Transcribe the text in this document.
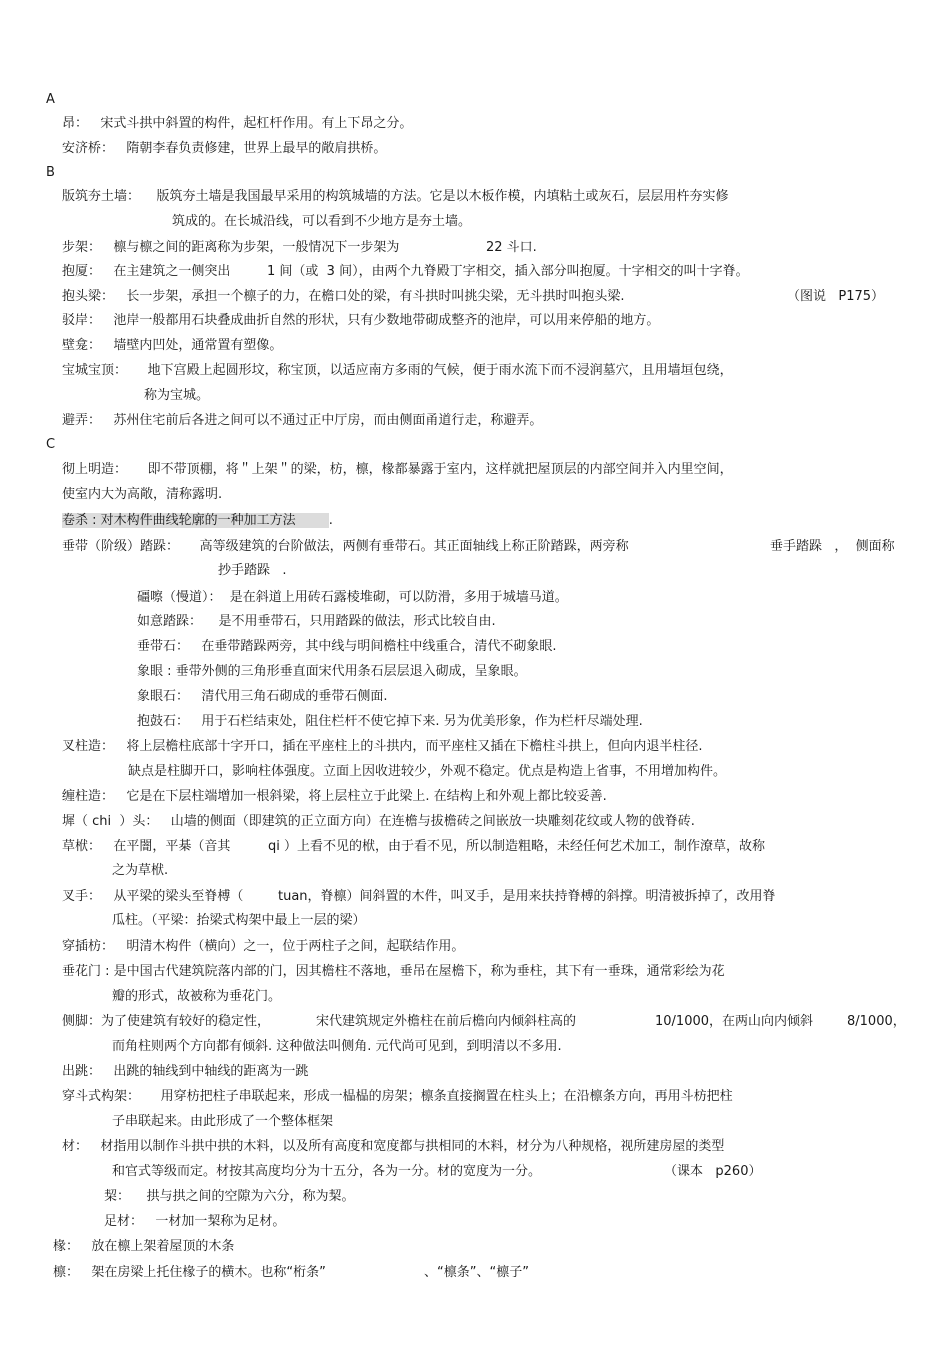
A
昂：   宋式斗拱中斜置的构件，起杠杆作用。有上下昂之分。
安济桥：   隋朝李春负责修建，世界上最早的敞肩拱桥。
B
版筑夯土墙：    版筑夯土墙是我国最早采用的构筑城墙的方法。它是以木板作模，内填粘土或灰石，层层用杵夯实修
筑成的。在长城沿线，可以看到不少地方是夯土墙。
步架：   檩与檩之间的距离称为步架，一般情况下一步架为	22 斗口.
抱厦：   在主建筑之一侧突出	1 间（或  3 间），由两个九脊殿丁字相交，插入部分叫抱厦。十字相交的叫十字脊。
抱头梁：   长一步架，承担一个檩子的力，在檐口处的梁，有斗拱时叫挑尖梁，无斗拱时叫抱头梁.	（图说   P175）
驳岸：   池岸一般都用石块叠成曲折自然的形状，只有少数地带砌成整齐的池岸，可以用来停船的地方。
壁龛：   墙壁内凹处，通常置有塑像。
宝城宝顶：     地下宫殿上起圆形坟，称宝顶，以适应南方多雨的气候，便于雨水流下而不浸润墓穴，且用墙垣包绕，
称为宝城。
避弄：   苏州住宅前后各进之间可以不通过正中厅房，而由侧面甬道行走，称避弄。
C
彻上明造：     即不带顶棚，将＂上架＂的梁，枋，檩，椽都暴露于室内，这样就把屋顶层的内部空间并入内里空间，
使室内大为高敞，清称露明.
卷杀 : 对木构件曲线轮廓的一种加工方法        .
垂带（阶级）踏跺：     高等级建筑的台阶做法，两侧有垂带石。其正面轴线上称正阶踏跺，两旁称	垂手踏跺   ，  侧面称
抄手踏跺   .
礓嚓（慢道）：  是在斜道上用砖石露棱堆砌，可以防滑，多用于城墙马道。
如意踏跺：    是不用垂带石，只用踏跺的做法，形式比较自由.
垂带石：   在垂带踏跺两旁，其中线与明间檐柱中线重合，清代不砌象眼.
象眼 : 垂带外侧的三角形垂直面宋代用条石层层退入砌成，呈象眼。
象眼石：   清代用三角石砌成的垂带石侧面.
抱鼓石：   用于石栏结束处，阻住栏杆不使它掉下来. 另为优美形象，作为栏杆尽端处理.
叉柱造：   将上层檐柱底部十字开口，插在平座柱上的斗拱内，而平座柱又插在下檐柱斗拱上，但向内退半柱径.
缺点是柱脚开口，影响柱体强度。立面上因收进较少，外观不稳定。优点是构造上省事，不用增加构件。
缠柱造：   它是在下层柱端增加一根斜梁，将上层柱立于此梁上. 在结构上和外观上都比较妥善.
墀（ chi  ）头：   山墙的侧面（即建筑的正立面方向）在连檐与拔檐砖之间嵌放一块雕刻花纹或人物的戗脊砖.
草栿：   在平闇，平棊（音其	qi ）上看不见的栿，由于看不见，所以制造粗略，未经任何艺术加工，制作潦草，故称
之为草栿.
叉手：   从平梁的梁头至脊榑（	tuan，脊檩）间斜置的木件，叫叉手，是用来扶持脊榑的斜撑。明清被拆掉了，改用脊
瓜柱。（平梁：抬梁式构架中最上一层的梁）
穿插枋：   明清木构件（横向）之一，位于两柱子之间，起联结作用。
垂花门 : 是中国古代建筑院落内部的门，因其檐柱不落地，垂吊在屋檐下，称为垂柱，其下有一垂珠，通常彩绘为花
瓣的形式，故被称为垂花门。
侧脚：为了使建筑有较好的稳定性，	宋代建筑规定外檐柱在前后檐向内倾斜柱高的	10/1000，在两山向内倾斜	8/1000，
而角柱则两个方向都有倾斜. 这种做法叫侧角. 元代尚可见到，到明清以不多用.
出跳：   出跳的轴线到中轴线的距离为一跳
穿斗式构架：     用穿枋把柱子串联起来，形成一榀榀的房架；檩条直接搁置在柱头上；在沿檩条方向，再用斗枋把柱
子串联起来。由此形成了一个整体框架
材：   材指用以制作斗拱中拱的木料，以及所有高度和宽度都与拱相同的木料，材分为八种规格，视所建房屋的类型
和官式等级而定。材按其高度均分为十五分，各为一分。材的宽度为一分。	（课本   p260）
栔：    拱与拱之间的空隙为六分，称为栔。
足材：   一材加一栔称为足材。
椽：   放在檩上架着屋顶的木条
檩：   架在房梁上托住椽子的横木。也称“桁条”	、“檩条”、“檩子”
